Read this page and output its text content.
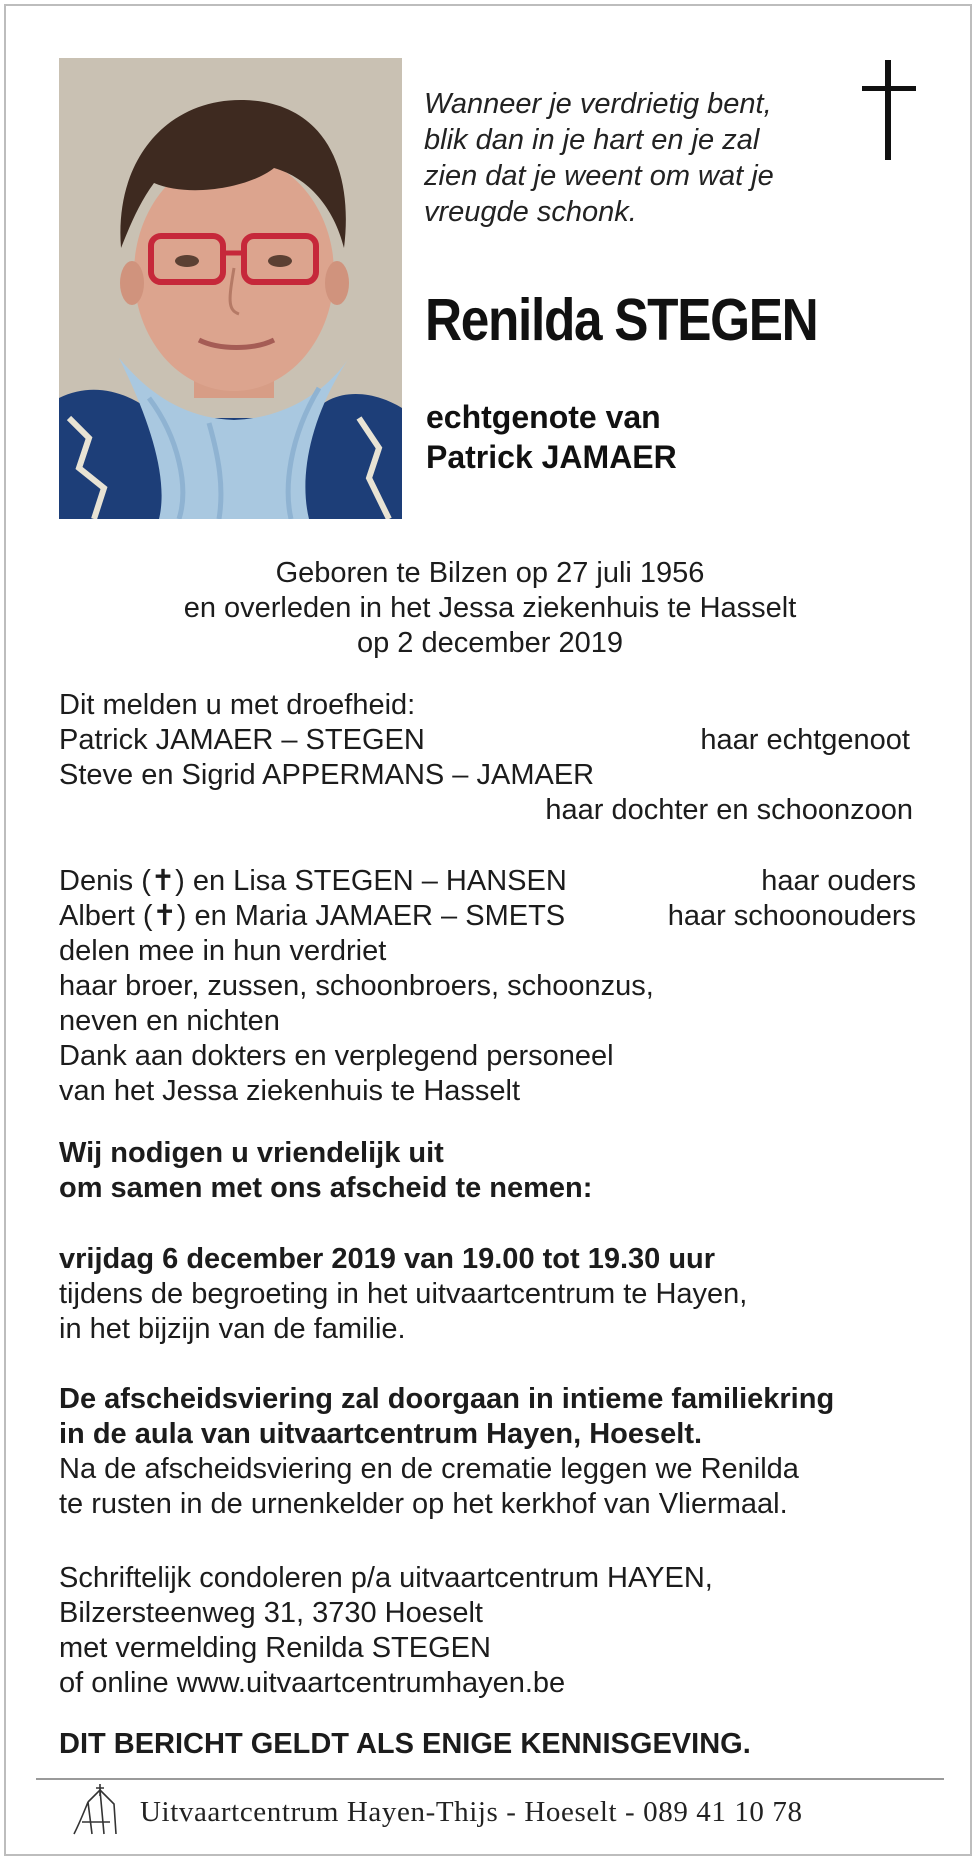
Wanneer je verdrietig bent,
blik dan in je hart en je zal
zien dat je weent om wat je
vreugde schonk.
Renilda STEGEN
echtgenote van
Patrick JAMAER
Geboren te Bilzen op 27 juli 1956
en overleden in het Jessa ziekenhuis te Hasselt
op 2 december 2019
Dit melden u met droefheid:
Patrick JAMAER – STEGEN	haar echtgenoot
Steve en Sigrid APPERMANS – JAMAER
haar dochter en schoonzoon
Denis (✝) en Lisa STEGEN – HANSEN	haar ouders
Albert (✝) en Maria JAMAER – SMETS	haar schoonouders
delen mee in hun verdriet
haar broer, zussen, schoonbroers, schoonzus,
neven en nichten
Dank aan dokters en verplegend personeel
van het Jessa ziekenhuis te Hasselt
Wij nodigen u vriendelijk uit
om samen met ons afscheid te nemen:
vrijdag 6 december 2019 van 19.00 tot 19.30 uur
tijdens de begroeting in het uitvaartcentrum te Hayen,
in het bijzijn van de familie.
De afscheidsviering zal doorgaan in intieme familiekring
in de aula van uitvaartcentrum Hayen, Hoeselt.
Na de afscheidsviering en de crematie leggen we Renilda
te rusten in de urnenkelder op het kerkhof van Vliermaal.
Schriftelijk condoleren p/a uitvaartcentrum HAYEN,
Bilzersteenweg 31, 3730 Hoeselt
met vermelding Renilda STEGEN
of online www.uitvaartcentrumhayen.be
DIT BERICHT GELDT ALS ENIGE KENNISGEVING.
Uitvaartcentrum Hayen-Thijs - Hoeselt - 089 41 10 78
